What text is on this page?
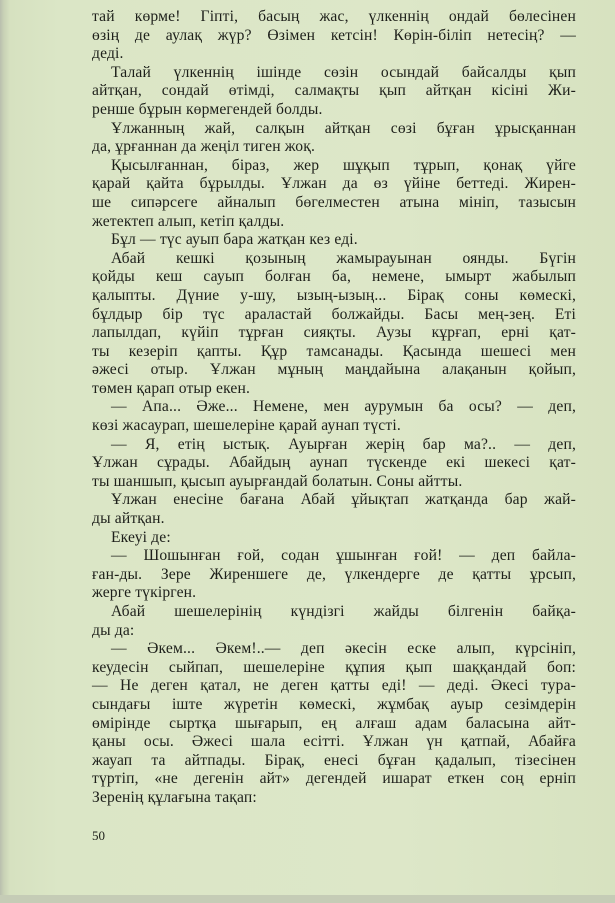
тай көрме! Гіпті, басың жас, үлкеннің ондай бөлесінен
өзің де аулақ жүр? Өзімен кетсін! Көрін-біліп нетесің? —
деді.
Талай үлкеннің ішінде сөзін осындай байсалды қып
айтқан, сондай өтімді, салмақты қып айтқан кісіні Жи-
ренше бұрын көрмегендей болды.
Ұлжанның жай, салқын айтқан сөзі бұған ұрысқаннан
да, ұрғаннан да жеңіл тиген жоқ.
Қысылғаннан, біраз, жер шұқып тұрып, қонақ үйге
қарай қайта бұрылды. Ұлжан да өз үйіне беттеді. Жирен-
ше сипәрсеге айналып бөгелместен атына мініп, тазысын
жетектеп алып, кетіп қалды.
Бұл — түс ауып бара жатқан кез еді.
Абай кешкі қозының жамырауынан оянды. Бүгін
қойды кеш сауып болған ба, немене, ымырт жабылып
қалыпты. Дүние у-шу, ызың-ызың... Бірақ соны көмескі,
бұлдыр бір түс араластай болжайды. Басы мең-зең. Еті
лапылдап, күйіп тұрған сияқты. Аузы кұрғап, ерні қат-
ты кезеріп қапты. Құр тамсанады. Қасында шешесі мен
әжесі отыр. Ұлжан мұның маңдайына алақанын қойып,
төмен қарап отыр екен.
— Апа... Әже... Немене, мен аурумын ба осы? — деп,
көзі жасаурап, шешелеріне қарай аунап түсті.
— Я, етің ыстық. Ауырған жерің бар ма?.. — деп,
Ұлжан сұрады. Абайдың аунап түскенде екі шекесі қат-
ты шаншып, қысып ауырғандай болатын. Соны айтты.
Ұлжан енесіне бағана Абай ұйықтап жатқанда бар жай-
ды айтқан.
Екеуі де:
— Шошынған ғой, содан ұшынған ғой! — деп байла-
ған-ды. Зере Жиреншеге де, үлкендерге де қатты ұрсып,
жерге түкірген.
Абай шешелерінің күндізгі жайды білгенін байқа-
ды да:
— Әкем... Әкем!..— деп әкесін еске алып, күрсініп,
кеудесін сыйпап, шешелеріне құпия қып шаққандай боп:
— Не деген қатал, не деген қатты еді! — деді. Әкесі тура-
сындағы іште жүретін көмескі, жұмбақ ауыр сезімдерін
өмірінде сыртқа шығарып, ең алғаш адам баласына айт-
қаны осы. Әжесі шала есітті. Ұлжан үн қатпай, Абайға
жауап та айтпады. Бірақ, енесі бұған қадалып, тізесінен
түртіп, «не дегенін айт» дегендей ишарат еткен соң ерніп
Зеренің құлағына тақап:
50
